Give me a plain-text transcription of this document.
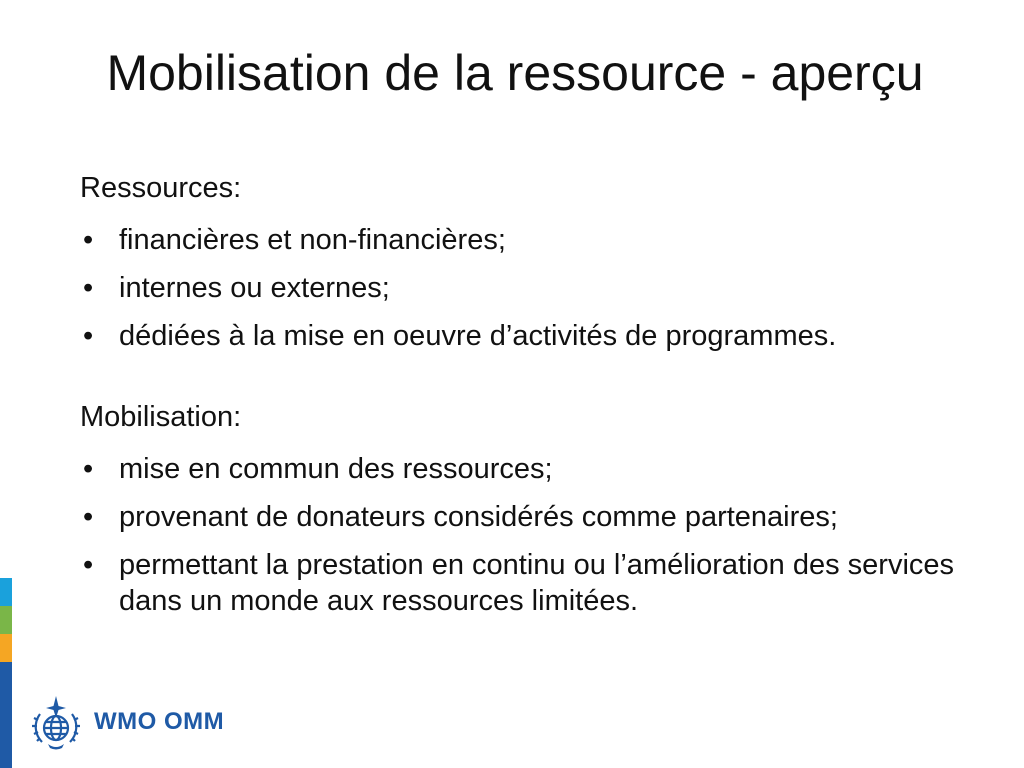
Mobilisation de la ressource - aperçu

Ressources:

• financières et non-financières;
• internes ou externes;
• dédiées à la mise en oeuvre d’activités de programmes.

Mobilisation:

• mise en commun des ressources;
• provenant de donateurs considérés comme partenaires;
• permettant la prestation en continu ou l’amélioration des services dans un monde aux ressources limitées.
WMO OMM
